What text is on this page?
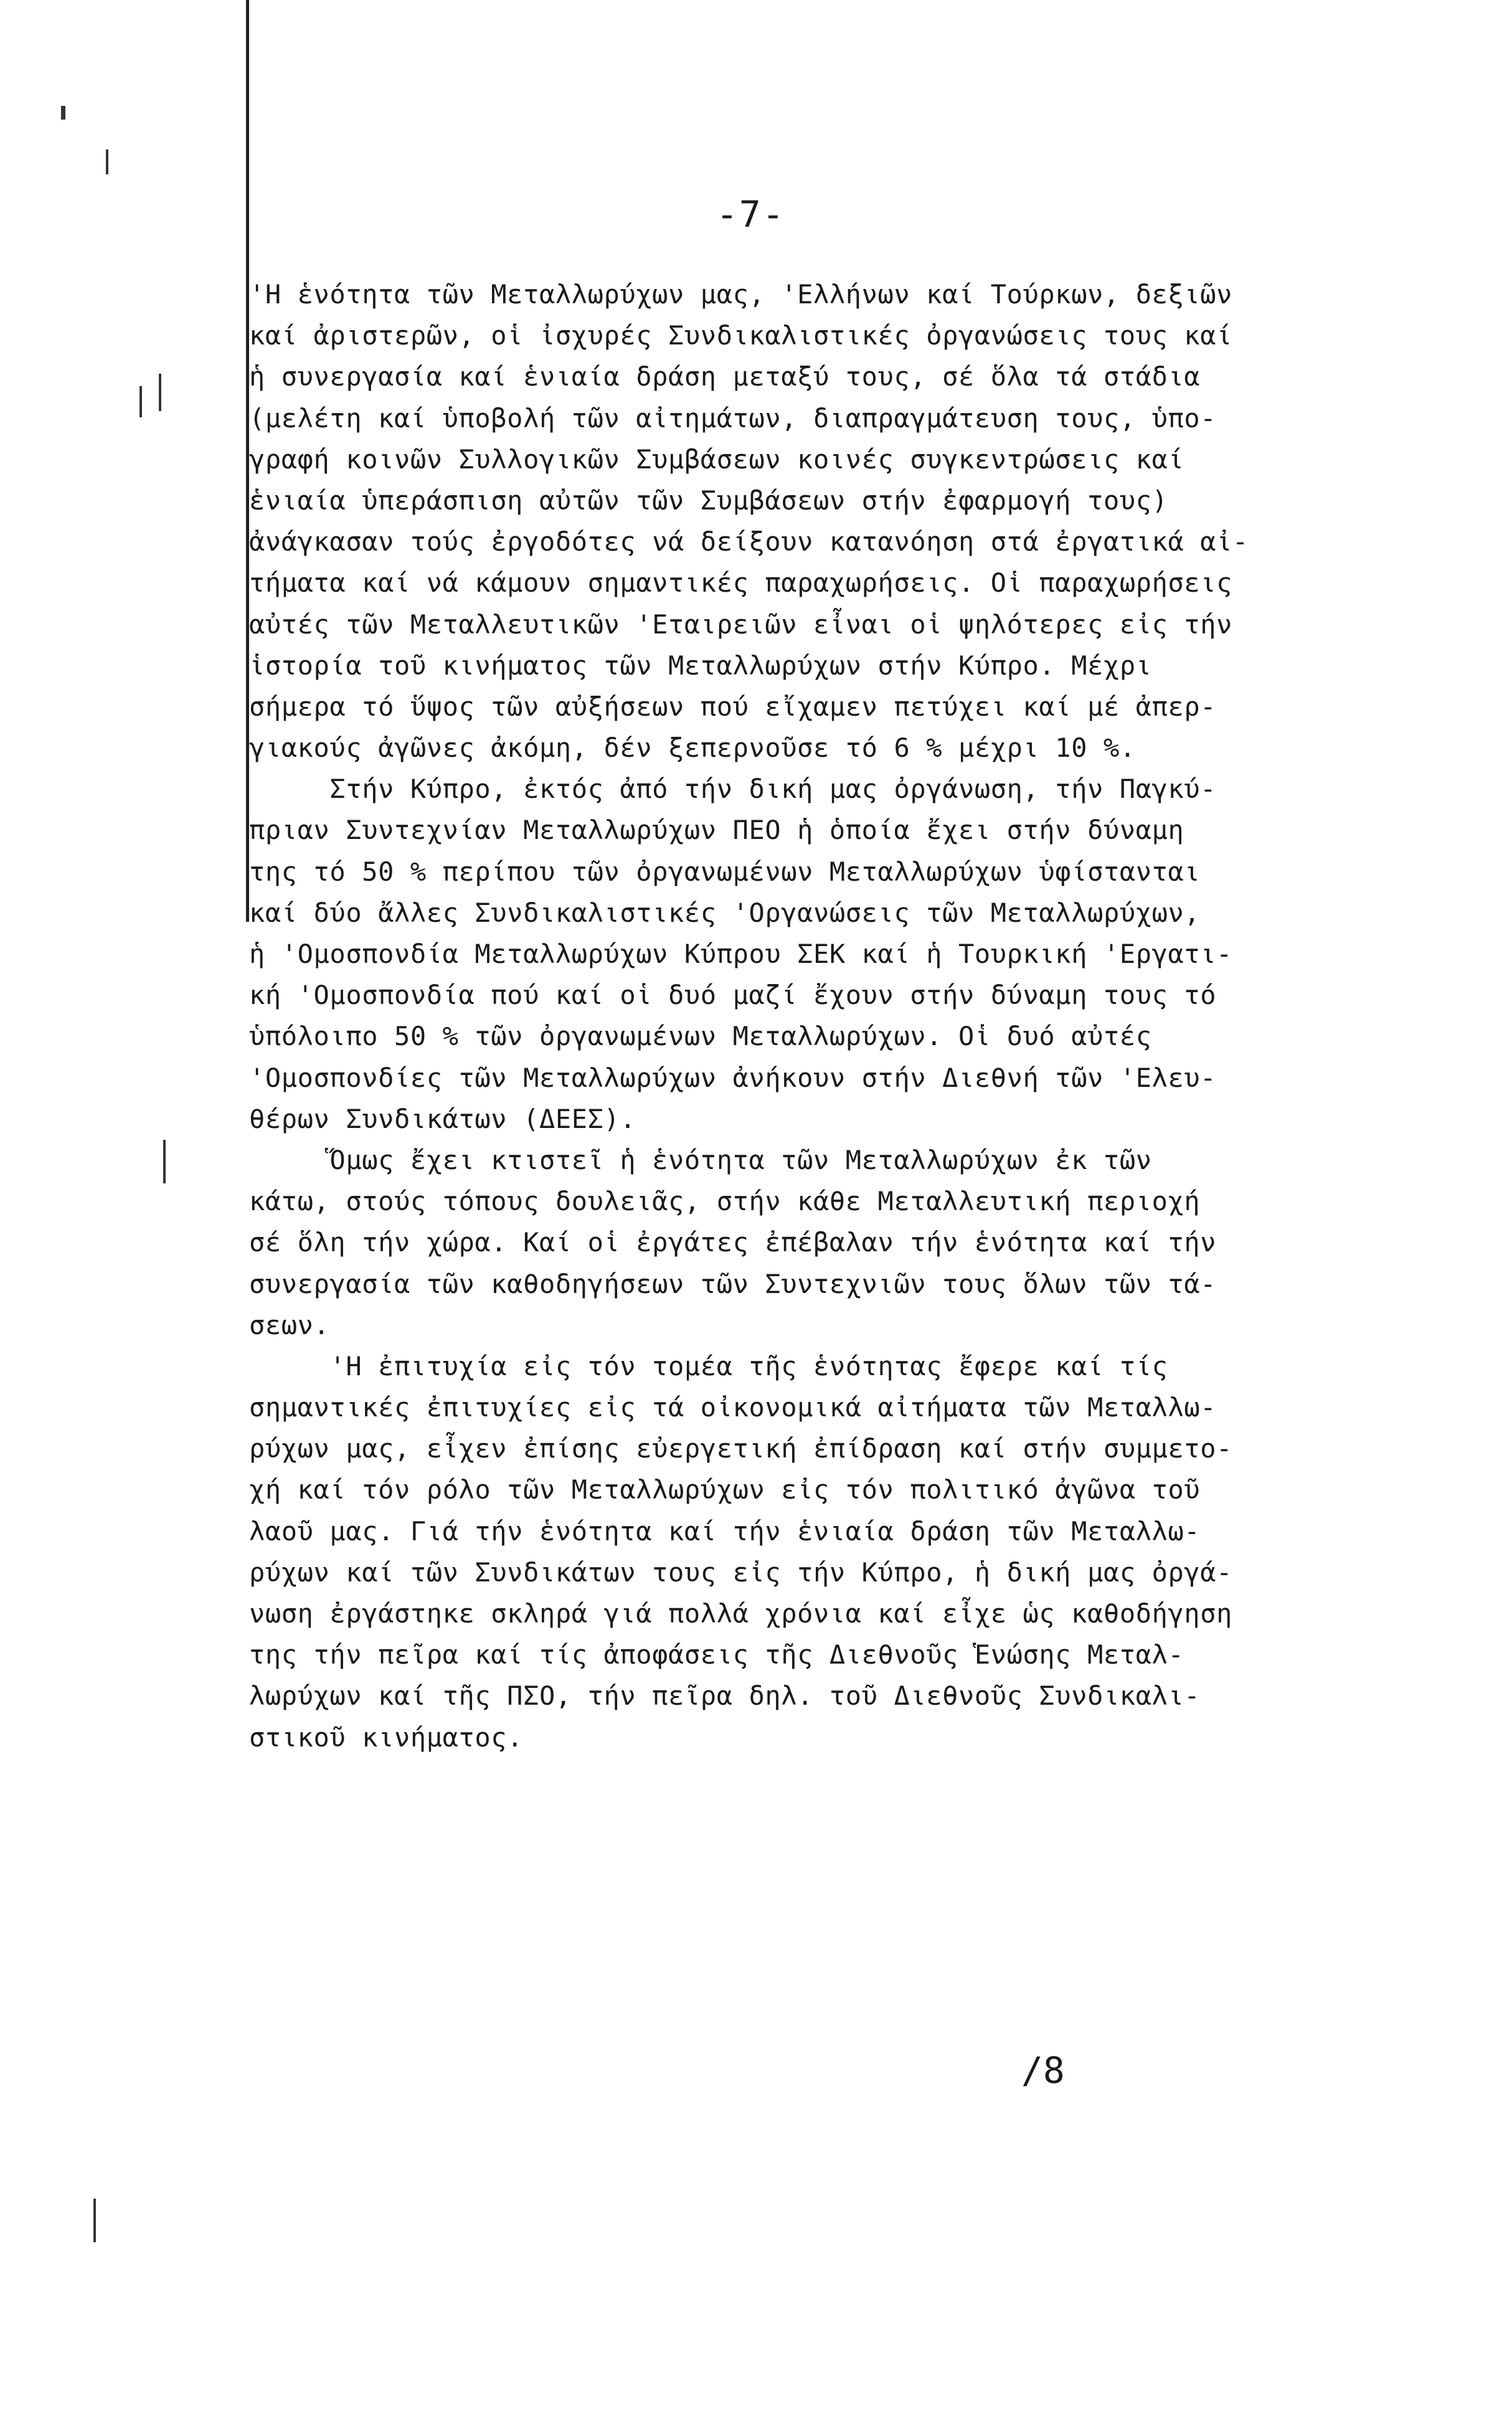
-7-
'Η ἑνότητα τῶν Μεταλλωρύχων μας, 'Ελλήνων καί Τούρκων, δεξιῶν
καί ἀριστερῶν, οἱ ἰσχυρές Συνδικαλιστικές ὀργανώσεις τους καί
ἡ συνεργασία καί ἑνιαία δράση μεταξύ τους, σέ ὅλα τά στάδια
(μελέτη καί ὑποβολή τῶν αἰτημάτων, διαπραγμάτευση τους, ὑπο-
γραφή κοινῶν Συλλογικῶν Συμβάσεων κοινές συγκεντρώσεις καί
ἑνιαία ὑπεράσπιση αὐτῶν τῶν Συμβάσεων στήν ἐφαρμογή τους)
ἀνάγκασαν τούς ἐργοδότες νά δείξουν κατανόηση στά ἐργατικά αἰ-
τήματα καί νά κάμουν σημαντικές παραχωρήσεις. Οἱ παραχωρήσεις
αὐτές τῶν Μεταλλευτικῶν 'Εταιρειῶν εἶναι οἱ ψηλότερες εἰς τήν
ἱστορία τοῦ κινήματος τῶν Μεταλλωρύχων στήν Κύπρο. Μέχρι
σήμερα τό ὕψος τῶν αὐξήσεων πού εἴχαμεν πετύχει καί μέ ἀπερ-
γιακούς ἀγῶνες ἀκόμη, δέν ξεπερνοῦσε τό 6 % μέχρι 10 %.
Στήν Κύπρο, ἐκτός ἀπό τήν δική μας ὀργάνωση, τήν Παγκύ-
πριαν Συντεχνίαν Μεταλλωρύχων ΠΕΟ ἡ ὁποία ἔχει στήν δύναμη
της τό 50 % περίπου τῶν ὀργανωμένων Μεταλλωρύχων ὑφίστανται
καί δύο ἄλλες Συνδικαλιστικές 'Οργανώσεις τῶν Μεταλλωρύχων,
ἡ 'Ομοσπονδία Μεταλλωρύχων Κύπρου ΣΕΚ καί ἡ Τουρκική 'Εργατι-
κή 'Ομοσπονδία πού καί οἱ δυό μαζί ἔχουν στήν δύναμη τους τό
ὑπόλοιπο 50 % τῶν ὀργανωμένων Μεταλλωρύχων. Οἱ δυό αὐτές
'Ομοσπονδίες τῶν Μεταλλωρύχων ἀνήκουν στήν Διεθνή τῶν 'Ελευ-
θέρων Συνδικάτων (ΔΕΕΣ).
Ὅμως ἔχει κτιστεῖ ἡ ἑνότητα τῶν Μεταλλωρύχων ἐκ τῶν
κάτω, στούς τόπους δουλειᾶς, στήν κάθε Μεταλλευτική περιοχή
σέ ὅλη τήν χώρα. Καί οἱ ἐργάτες ἐπέβαλαν τήν ἑνότητα καί τήν
συνεργασία τῶν καθοδηγήσεων τῶν Συντεχνιῶν τους ὅλων τῶν τά-
σεων.
'Η ἐπιτυχία εἰς τόν τομέα τῆς ἑνότητας ἔφερε καί τίς
σημαντικές ἐπιτυχίες εἰς τά οἰκονομικά αἰτήματα τῶν Μεταλλω-
ρύχων μας, εἶχεν ἐπίσης εὐεργετική ἐπίδραση καί στήν συμμετο-
χή καί τόν ρόλο τῶν Μεταλλωρύχων εἰς τόν πολιτικό ἀγῶνα τοῦ
λαοῦ μας. Γιά τήν ἑνότητα καί τήν ἑνιαία δράση τῶν Μεταλλω-
ρύχων καί τῶν Συνδικάτων τους εἰς τήν Κύπρο, ἡ δική μας ὀργά-
νωση ἐργάστηκε σκληρά γιά πολλά χρόνια καί εἶχε ὡς καθοδήγηση
της τήν πεῖρα καί τίς ἀποφάσεις τῆς Διεθνοῦς Ἑνώσης Μεταλ-
λωρύχων καί τῆς ΠΣΟ, τήν πεῖρα δηλ. τοῦ Διεθνοῦς Συνδικαλι-
στικοῦ κινήματος.
/8
